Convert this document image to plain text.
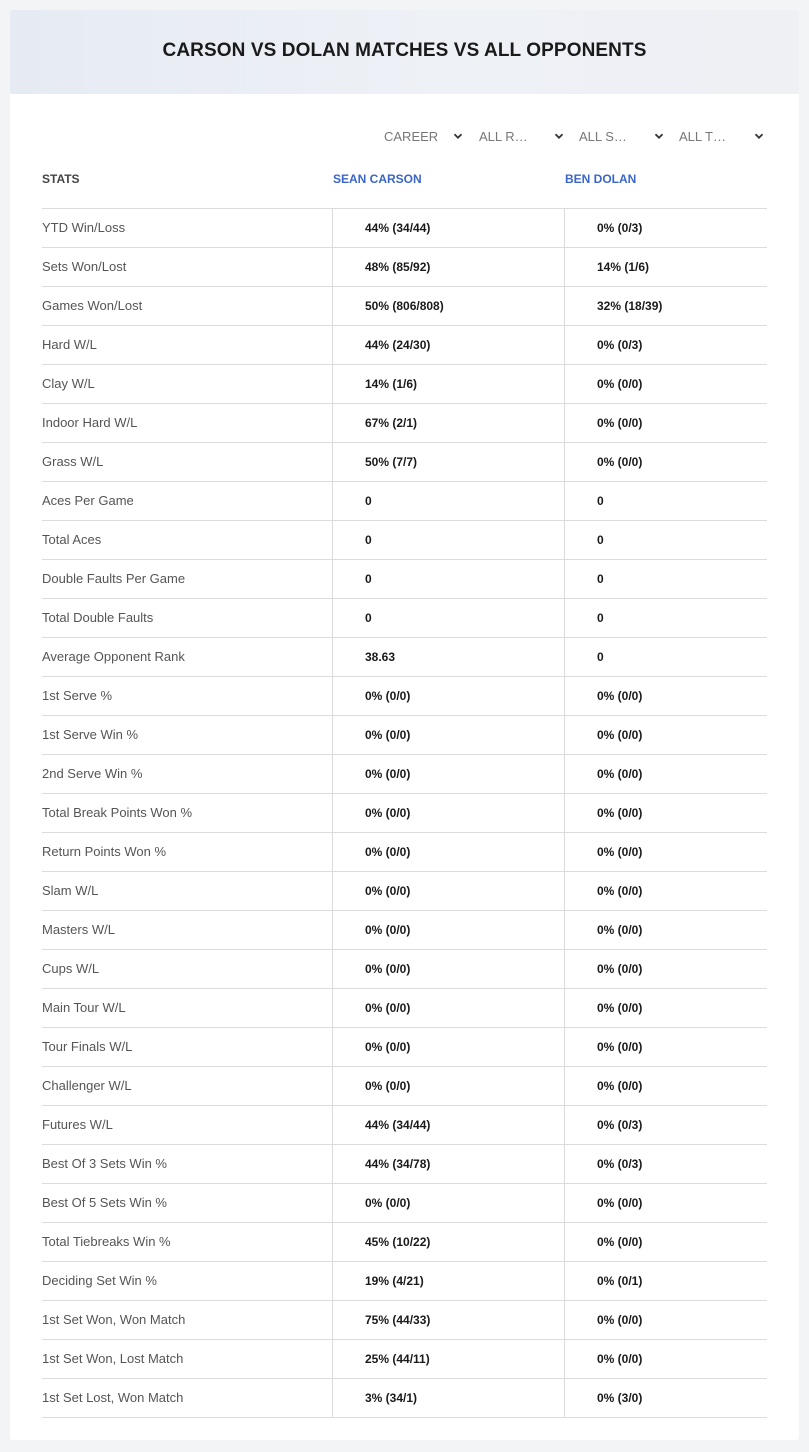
CARSON VS DOLAN MATCHES VS ALL OPPONENTS
CAREER	ALL R…	ALL S…	ALL T…
STATS	SEAN CARSON	BEN DOLAN
YTD Win/Loss	44% (34/44)	0% (0/3)
Sets Won/Lost	48% (85/92)	14% (1/6)
Games Won/Lost	50% (806/808)	32% (18/39)
Hard W/L	44% (24/30)	0% (0/3)
Clay W/L	14% (1/6)	0% (0/0)
Indoor Hard W/L	67% (2/1)	0% (0/0)
Grass W/L	50% (7/7)	0% (0/0)
Aces Per Game	0	0
Total Aces	0	0
Double Faults Per Game	0	0
Total Double Faults	0	0
Average Opponent Rank	38.63	0
1st Serve %	0% (0/0)	0% (0/0)
1st Serve Win %	0% (0/0)	0% (0/0)
2nd Serve Win %	0% (0/0)	0% (0/0)
Total Break Points Won %	0% (0/0)	0% (0/0)
Return Points Won %	0% (0/0)	0% (0/0)
Slam W/L	0% (0/0)	0% (0/0)
Masters W/L	0% (0/0)	0% (0/0)
Cups W/L	0% (0/0)	0% (0/0)
Main Tour W/L	0% (0/0)	0% (0/0)
Tour Finals W/L	0% (0/0)	0% (0/0)
Challenger W/L	0% (0/0)	0% (0/0)
Futures W/L	44% (34/44)	0% (0/3)
Best Of 3 Sets Win %	44% (34/78)	0% (0/3)
Best Of 5 Sets Win %	0% (0/0)	0% (0/0)
Total Tiebreaks Win %	45% (10/22)	0% (0/0)
Deciding Set Win %	19% (4/21)	0% (0/1)
1st Set Won, Won Match	75% (44/33)	0% (0/0)
1st Set Won, Lost Match	25% (44/11)	0% (0/0)
1st Set Lost, Won Match	3% (34/1)	0% (3/0)
